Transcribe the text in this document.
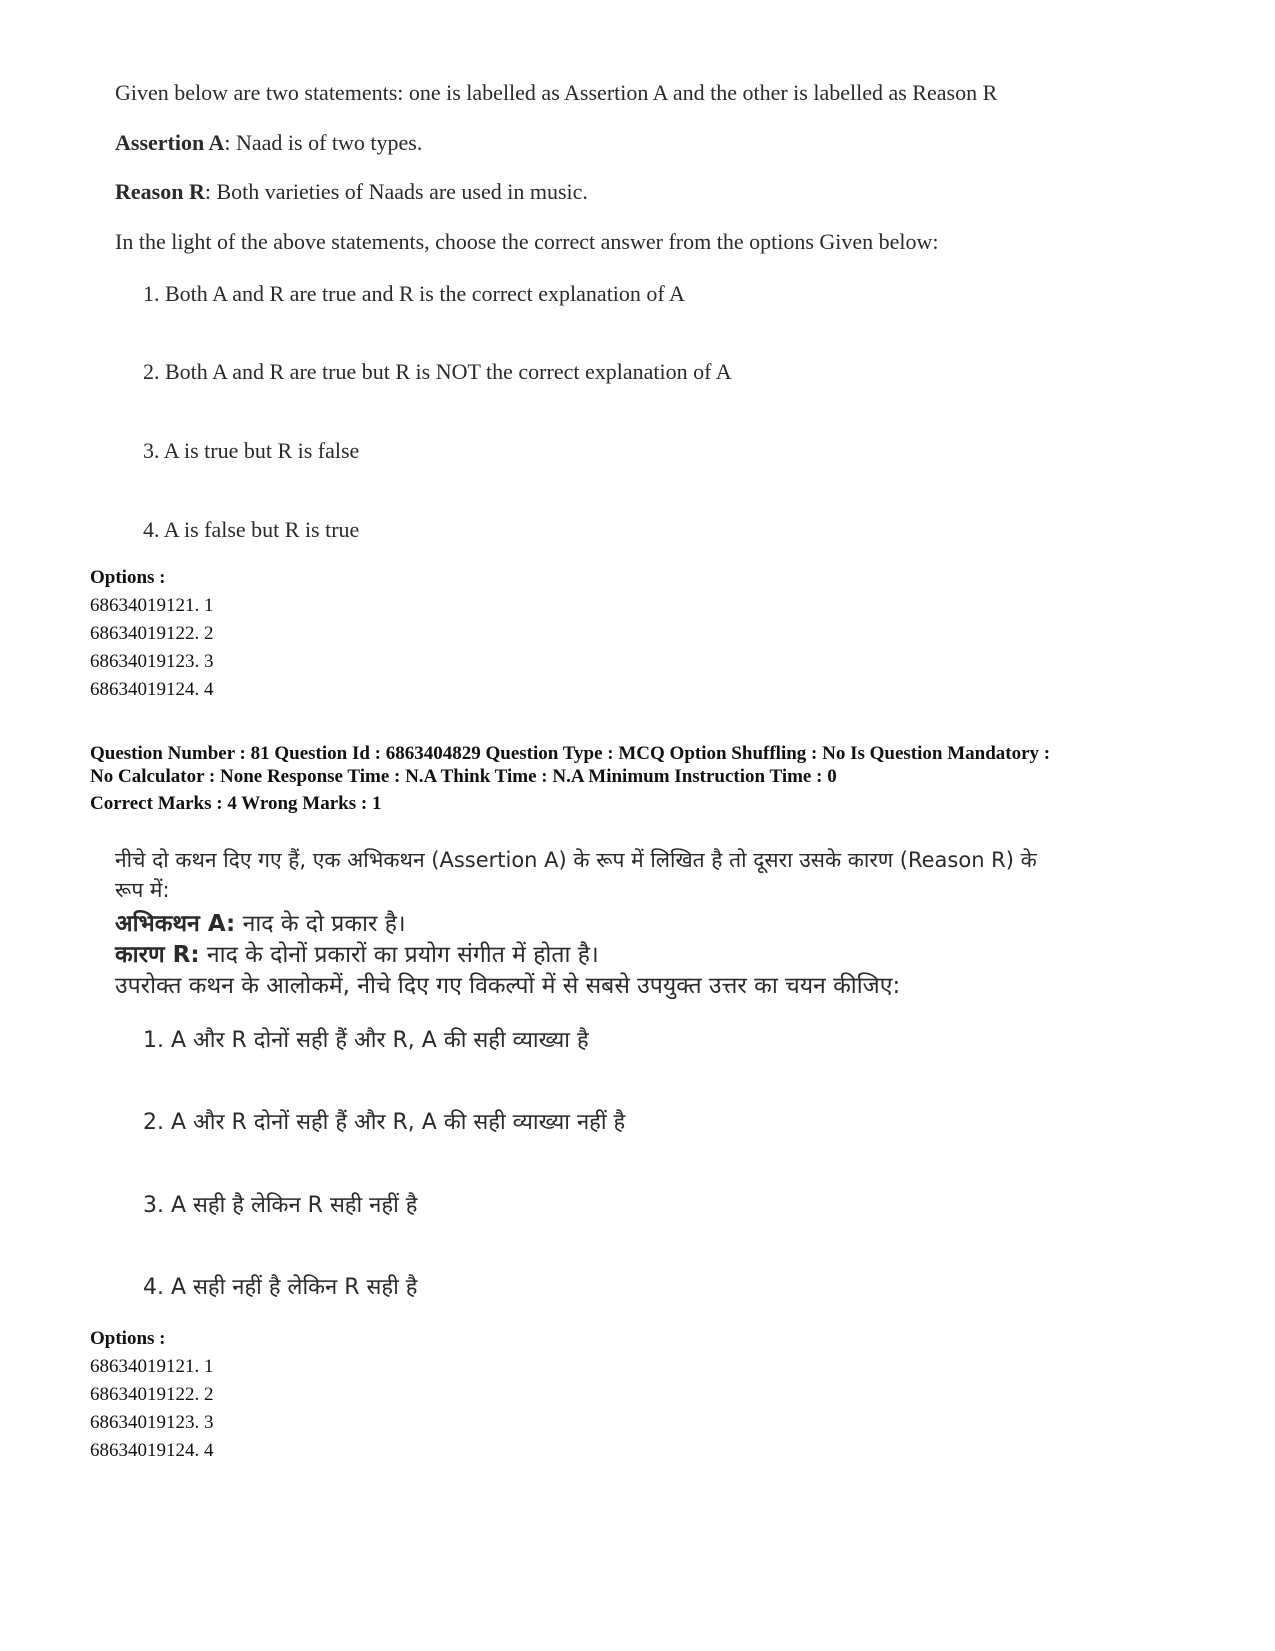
Given below are two statements: one is labelled as Assertion A and the other is labelled as Reason R
Assertion A: Naad is of two types.
Reason R: Both varieties of Naads are used in music.
In the light of the above statements, choose the correct answer from the options Given below:
1. Both A and R are true and R is the correct explanation of A
2. Both A and R are true but R is NOT the correct explanation of A
3. A is true but R is false
4. A is false but R is true
Options :
68634019121. 1
68634019122. 2
68634019123. 3
68634019124. 4
Question Number : 81 Question Id : 6863404829 Question Type : MCQ Option Shuffling : No Is Question Mandatory :
No Calculator : None Response Time : N.A Think Time : N.A Minimum Instruction Time : 0
Correct Marks : 4 Wrong Marks : 1
नीचे दो कथन दिए गए हैं, एक अभिकथन (Assertion A) के रूप में लिखित है तो दूसरा उसके कारण (Reason R) के
रूप में:
अभिकथन A: नाद के दो प्रकार है।
कारण R: नाद के दोनों प्रकारों का प्रयोग संगीत में होता है।
उपरोक्त कथन के आलोकमें, नीचे दिए गए विकल्पों में से सबसे उपयुक्त उत्तर का चयन कीजिए:
1. A और R दोनों सही हैं और R, A की सही व्याख्या है
2. A और R दोनों सही हैं और R, A की सही व्याख्या नहीं है
3. A सही है लेकिन R सही नहीं है
4. A सही नहीं है लेकिन R सही है
Options :
68634019121. 1
68634019122. 2
68634019123. 3
68634019124. 4
